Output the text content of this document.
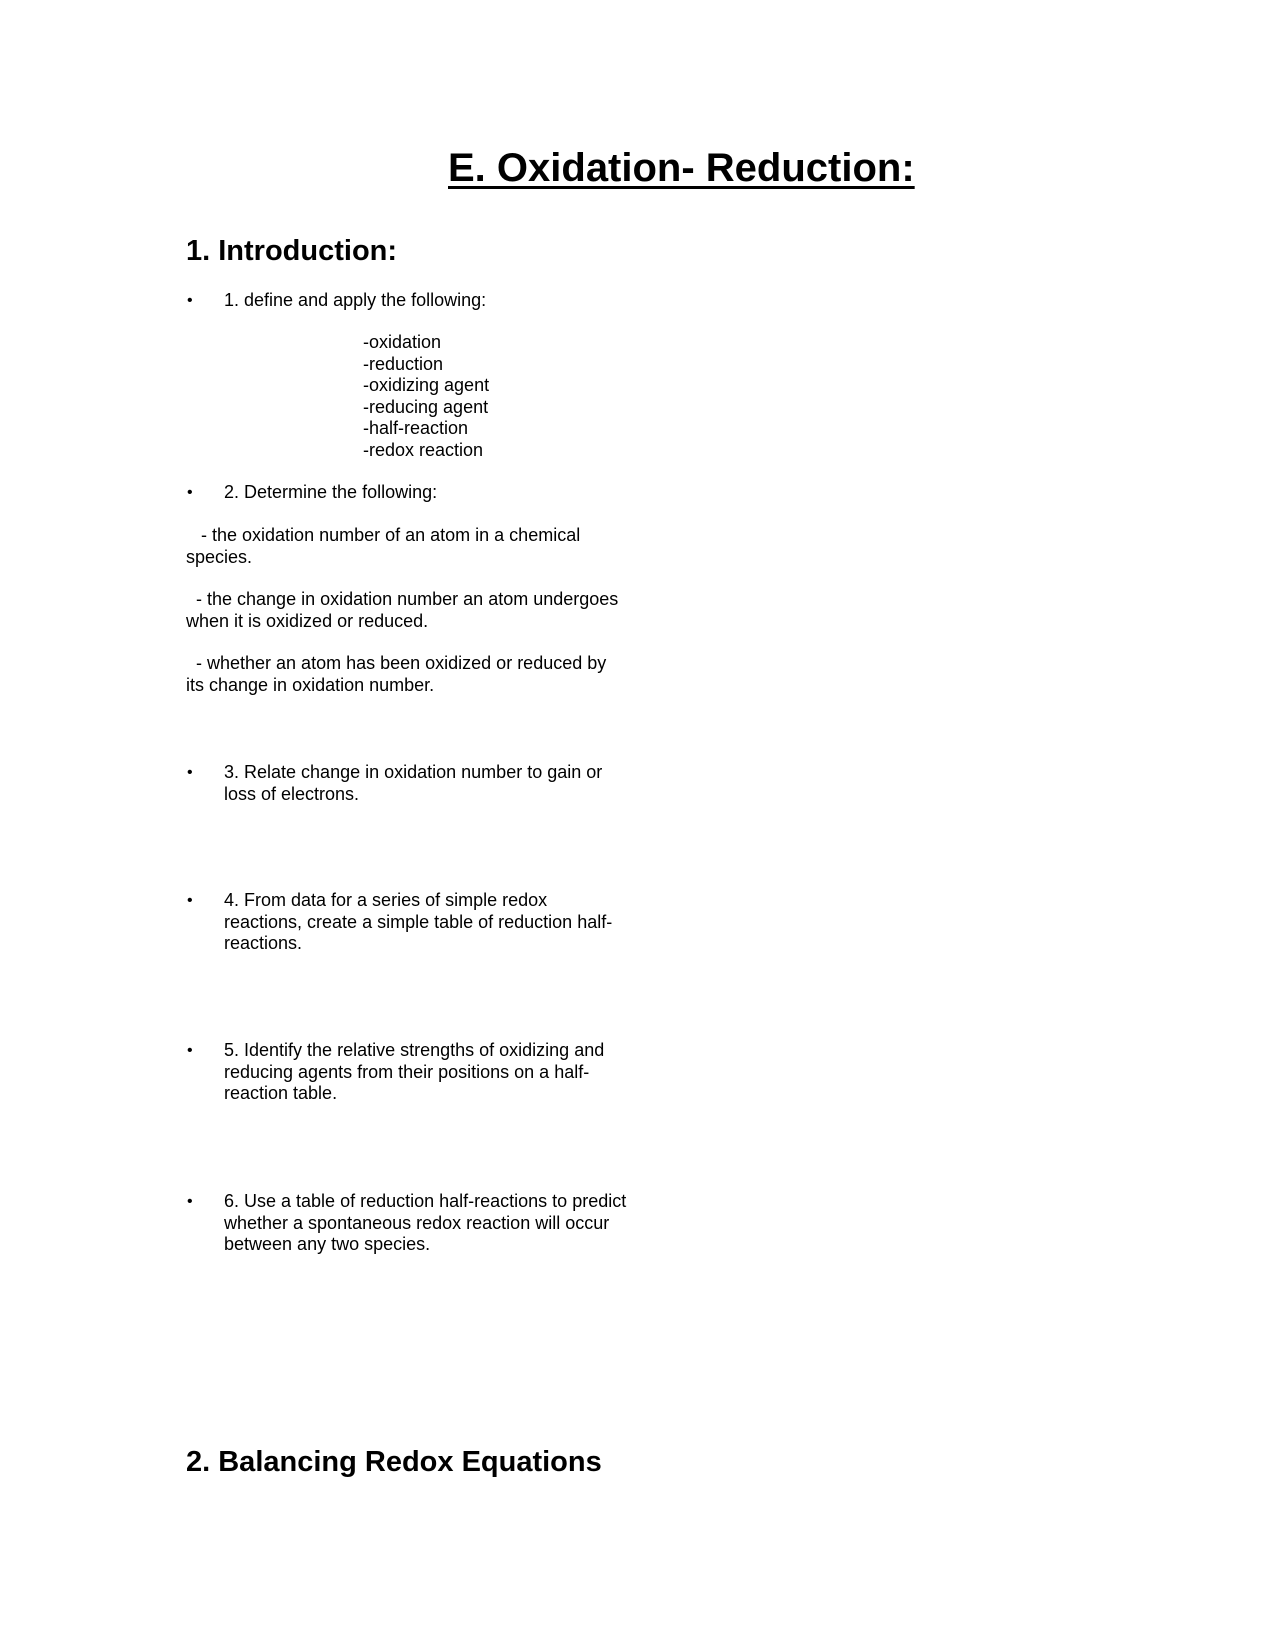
E. Oxidation- Reduction:
1. Introduction:
• 1. define and apply the following:
-oxidation
-reduction
-oxidizing agent
-reducing agent
-half-reaction
-redox reaction
• 2. Determine the following:
- the oxidation number of an atom in a chemical
species.
- the change in oxidation number an atom undergoes
when it is oxidized or reduced.
- whether an atom has been oxidized or reduced by
its change in oxidation number.
• 3. Relate change in oxidation number to gain or
loss of electrons.
• 4. From data for a series of simple redox
reactions, create a simple table of reduction half-
reactions.
• 5. Identify the relative strengths of oxidizing and
reducing agents from their positions on a half-
reaction table.
• 6. Use a table of reduction half-reactions to predict
whether a spontaneous redox reaction will occur
between any two species.
2. Balancing Redox Equations
